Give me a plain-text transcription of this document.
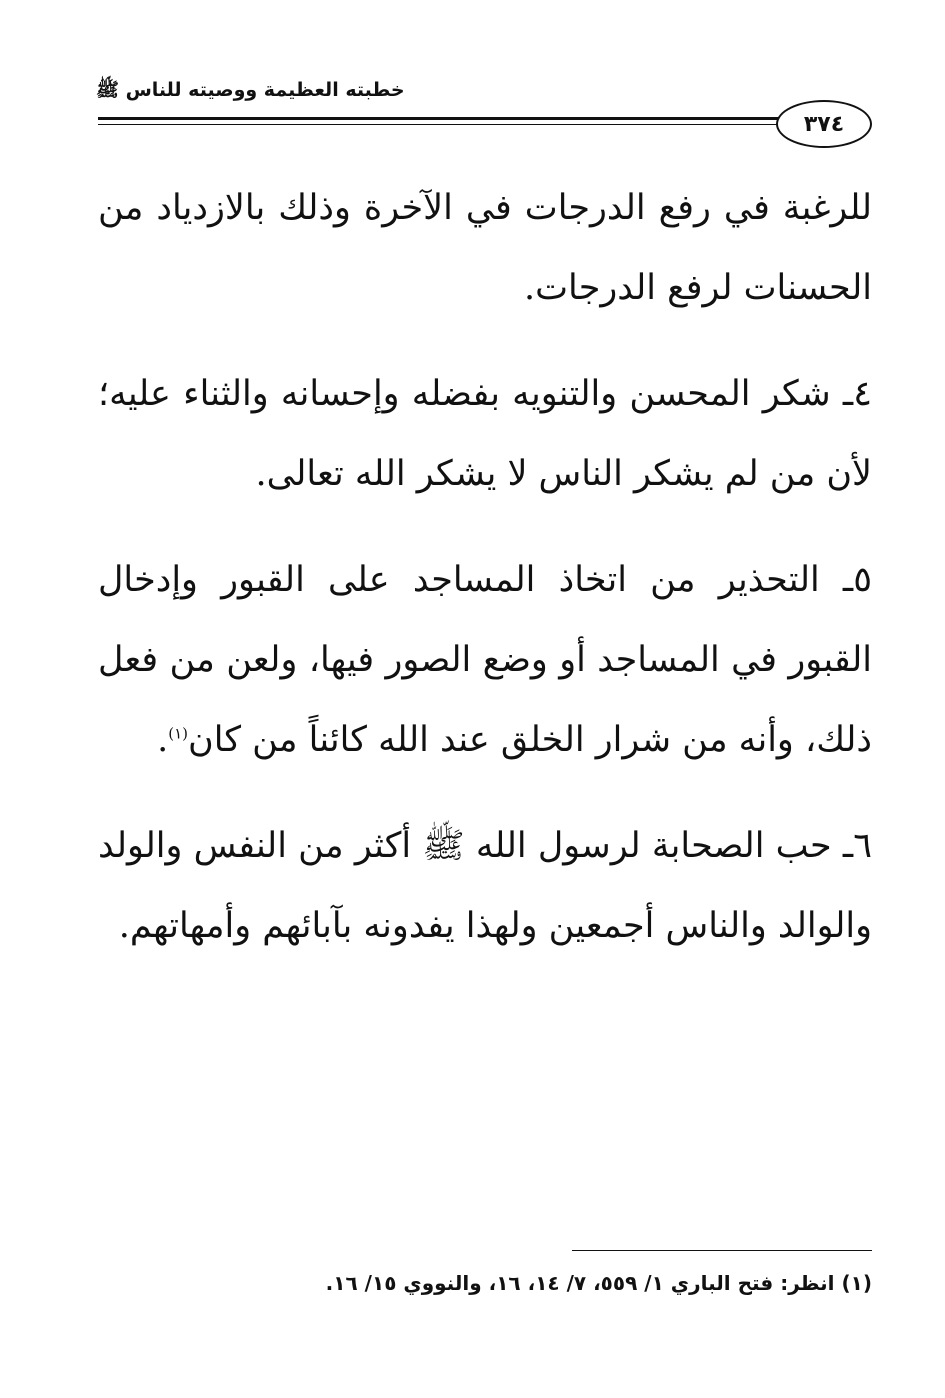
خطبته العظيمة ووصيته للناس ﷺ
٣٧٤

للرغبة في رفع الدرجات في الآخرة وذلك بالازدياد من الحسنات لرفع الدرجات.

٤ـ شكر المحسن والتنويه بفضله وإحسانه والثناء عليه؛ لأن من لم يشكر الناس لا يشكر الله تعالى.

٥ـ التحذير من اتخاذ المساجد على القبور وإدخال القبور في المساجد أو وضع الصور فيها، ولعن من فعل ذلك، وأنه من شرار الخلق عند الله كائناً من كان$^{(١)}$.

٦ـ حب الصحابة لرسول الله ﷺ أكثر من النفس والولد والوالد والناس أجمعين ولهذا يفدونه بآبائهم وأمهاتهم.

(١) انظر: فتح الباري ١/ ٥٥٩، ٧/ ١٤، ١٦، والنووي ١٥/ ١٦.
